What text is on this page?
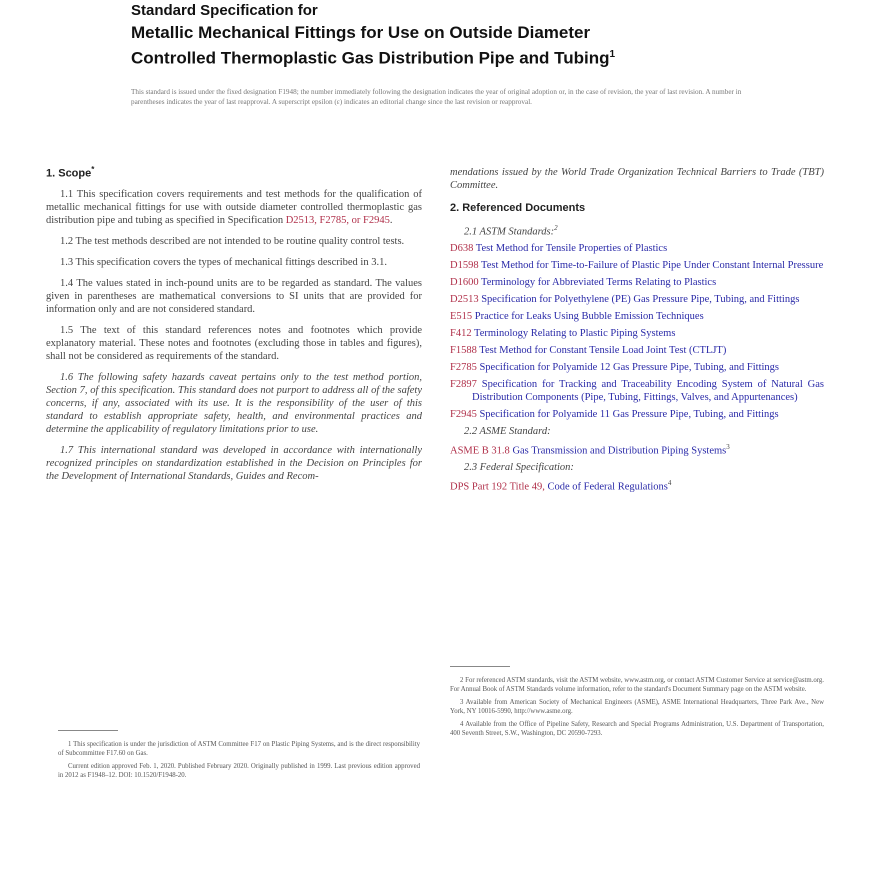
Standard Specification for
Metallic Mechanical Fittings for Use on Outside Diameter
Controlled Thermoplastic Gas Distribution Pipe and Tubing$^1$
This standard is issued under the fixed designation F1948; the number immediately following the designation indicates the year of original adoption or, in the case of revision, the year of last revision. A number in parentheses indicates the year of last reapproval. A superscript epsilon (ε) indicates an editorial change since the last revision or reapproval.
1. Scope*

1.1 This specification covers requirements and test methods for the qualification of metallic mechanical fittings for use with outside diameter controlled thermoplastic gas distribution pipe and tubing as specified in Specification D2513, F2785, or F2945.

1.2 The test methods described are not intended to be routine quality control tests.

1.3 This specification covers the types of mechanical fittings described in 3.1.

1.4 The values stated in inch-pound units are to be regarded as standard. The values given in parentheses are mathematical conversions to SI units that are provided for information only and are not considered standard.

1.5 The text of this standard references notes and footnotes which provide explanatory material. These notes and footnotes (excluding those in tables and figures), shall not be considered as requirements of the standard.

1.6 The following safety hazards caveat pertains only to the test method portion, Section 7, of this specification. This standard does not purport to address all of the safety concerns, if any, associated with its use. It is the responsibility of the user of this standard to establish appropriate safety, health, and environmental practices and determine the applicability of regulatory limitations prior to use.

1.7 This international standard was developed in accordance with internationally recognized principles on standardization established in the Decision on Principles for the Development of International Standards, Guides and Recom-

mendations issued by the World Trade Organization Technical Barriers to Trade (TBT) Committee.

2. Referenced Documents
2.1 ASTM Standards:$^2$
D638 Test Method for Tensile Properties of Plastics
D1598 Test Method for Time-to-Failure of Plastic Pipe Under Constant Internal Pressure
D1600 Terminology for Abbreviated Terms Relating to Plastics
D2513 Specification for Polyethylene (PE) Gas Pressure Pipe, Tubing, and Fittings
E515 Practice for Leaks Using Bubble Emission Techniques
F412 Terminology Relating to Plastic Piping Systems
F1588 Test Method for Constant Tensile Load Joint Test (CTLJT)
F2785 Specification for Polyamide 12 Gas Pressure Pipe, Tubing, and Fittings
F2897 Specification for Tracking and Traceability Encoding System of Natural Gas Distribution Components (Pipe, Tubing, Fittings, Valves, and Appurtenances)
F2945 Specification for Polyamide 11 Gas Pressure Pipe, Tubing, and Fittings
2.2 ASME Standard:
ASME B 31.8 Gas Transmission and Distribution Piping Systems$^3$
2.3 Federal Specification:
DPS Part 192 Title 49, Code of Federal Regulations$^4$

1 This specification is under the jurisdiction of ASTM Committee F17 on Plastic Piping Systems, and is the direct responsibility of Subcommittee F17.60 on Gas.

Current edition approved Feb. 1, 2020. Published February 2020. Originally published in 1999. Last previous edition approved in 2012 as F1948–12. DOI: 10.1520/F1948-20.

2 For referenced ASTM standards, visit the ASTM website, www.astm.org, or contact ASTM Customer Service at service@astm.org. For Annual Book of ASTM Standards volume information, refer to the standard's Document Summary page on the ASTM website.

3 Available from American Society of Mechanical Engineers (ASME), ASME International Headquarters, Three Park Ave., New York, NY 10016-5990, http://www.asme.org.

4 Available from the Office of Pipeline Safety, Research and Special Programs Administration, U.S. Department of Transportation, 400 Seventh Street, S.W., Washington, DC 20590-7293.
